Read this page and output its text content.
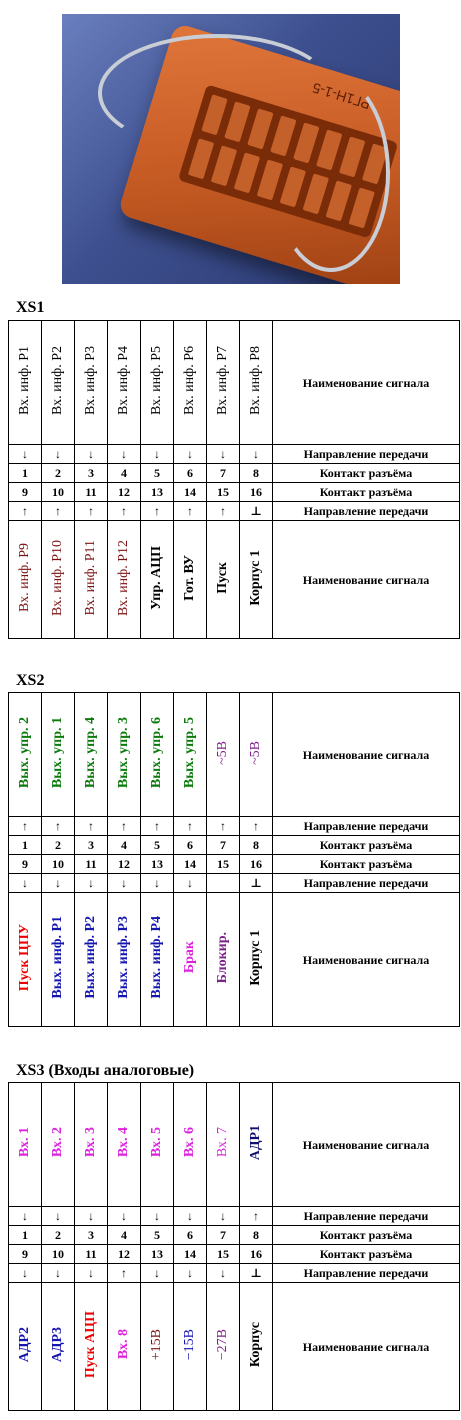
РГ1Н-1-5
XS1
Вх. инф. Р1	Вх. инф. Р2	Вх. инф. Р3	Вх. инф. Р4	Вх. инф. Р5	Вх. инф. Р6	Вх. инф. Р7	Вх. инф. Р8	Наименование сигнала
↓	↓	↓	↓	↓	↓	↓	↓	Направление передачи
1	2	3	4	5	6	7	8	Контакт разъёма
9	10	11	12	13	14	15	16	Контакт разъёма
↑	↑	↑	↑	↑	↑	↑	⊥	Направление передачи
Вх. инф. Р9	Вх. инф. Р10	Вх. инф. Р11	Вх. инф. Р12	Упр. АЦП	Гот. ВУ	Пуск	Корпус 1	Наименование сигнала
XS2
Вых. упр. 2	Вых. упр. 1	Вых. упр. 4	Вых. упр. 3	Вых. упр. 6	Вых. упр. 5	~5В	~5В	Наименование сигнала
↑	↑	↑	↑	↑	↑	↑	↑	Направление передачи
1	2	3	4	5	6	7	8	Контакт разъёма
9	10	11	12	13	14	15	16	Контакт разъёма
↓	↓	↓	↓	↓	↓		⊥	Направление передачи
Пуск ЦПУ	Вых. инф. Р1	Вых. инф. Р2	Вых. инф. Р3	Вых. инф. Р4	Брак	Блокир.	Корпус 1	Наименование сигнала
XS3 (Входы аналоговые)
Вх. 1	Вх. 2	Вх. 3	Вх. 4	Вх. 5	Вх. 6	Вх. 7	АДР1	Наименование сигнала
↓	↓	↓	↓	↓	↓	↓	↑	Направление передачи
1	2	3	4	5	6	7	8	Контакт разъёма
9	10	11	12	13	14	15	16	Контакт разъёма
↓	↓	↓	↑	↓	↓	↓	⊥	Направление передачи
АДР2	АДР3	Пуск АЦП	Вх. 8	+15В	−15В	−27В	Корпус	Наименование сигнала
